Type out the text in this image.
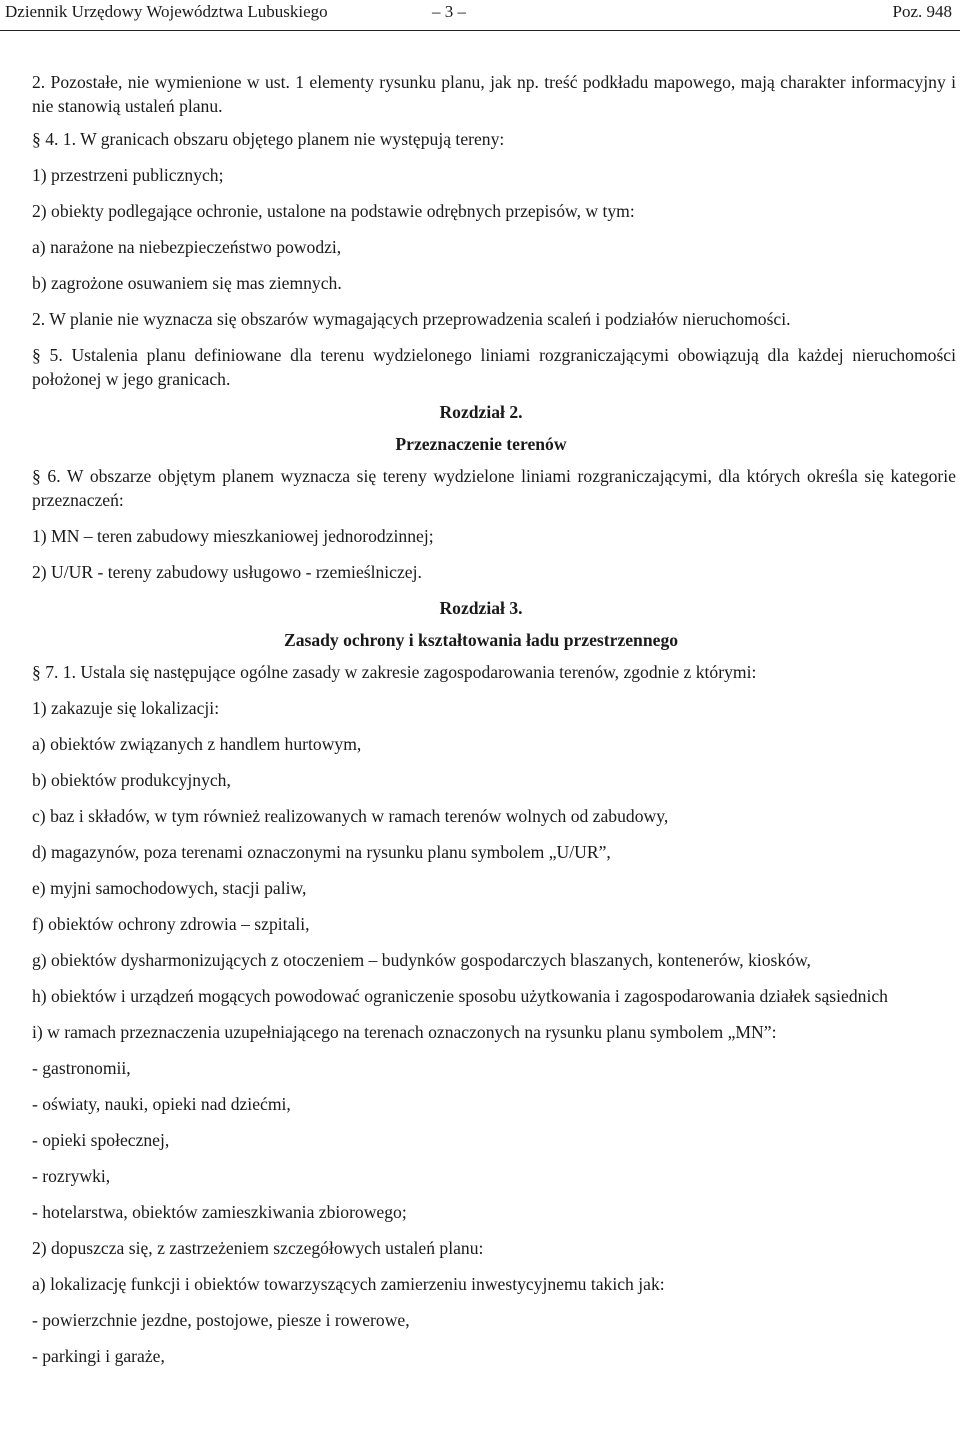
Dziennik Urzędowy Województwa Lubuskiego	– 3 –	Poz. 948

2. Pozostałe, nie wymienione w ust. 1 elementy rysunku planu, jak np. treść podkładu mapowego, mają charakter informacyjny i nie stanowią ustaleń planu.

§ 4. 1. W granicach obszaru objętego planem nie występują tereny:

1) przestrzeni publicznych;

2) obiekty podlegające ochronie, ustalone na podstawie odrębnych przepisów, w tym:

a) narażone na niebezpieczeństwo powodzi,

b) zagrożone osuwaniem się mas ziemnych.

2. W planie nie wyznacza się obszarów wymagających przeprowadzenia scaleń i podziałów nieruchomości.

§ 5. Ustalenia planu definiowane dla terenu wydzielonego liniami rozgraniczającymi obowiązują dla każdej nieruchomości położonej w jego granicach.

Rozdział 2.

Przeznaczenie terenów

§ 6. W obszarze objętym planem wyznacza się tereny wydzielone liniami rozgraniczającymi, dla których określa się kategorie przeznaczeń:

1) MN – teren zabudowy mieszkaniowej jednorodzinnej;

2) U/UR - tereny zabudowy usługowo - rzemieślniczej.

Rozdział 3.

Zasady ochrony i kształtowania ładu przestrzennego

§ 7. 1. Ustala się następujące ogólne zasady w zakresie zagospodarowania terenów, zgodnie z którymi:

1) zakazuje się lokalizacji:

a) obiektów związanych z handlem hurtowym,

b) obiektów produkcyjnych,

c) baz i składów, w tym również realizowanych w ramach terenów wolnych od zabudowy,

d) magazynów, poza terenami oznaczonymi na rysunku planu symbolem „U/UR”,

e) myjni samochodowych, stacji paliw,

f) obiektów ochrony zdrowia – szpitali,

g) obiektów dysharmonizujących z otoczeniem – budynków gospodarczych blaszanych, kontenerów, kiosków,

h) obiektów i urządzeń mogących powodować ograniczenie sposobu użytkowania i zagospodarowania działek sąsiednich

i) w ramach przeznaczenia uzupełniającego na terenach oznaczonych na rysunku planu symbolem „MN”:

- gastronomii,

- oświaty, nauki, opieki nad dziećmi,

- opieki społecznej,

- rozrywki,

- hotelarstwa, obiektów zamieszkiwania zbiorowego;

2) dopuszcza się, z zastrzeżeniem szczegółowych ustaleń planu:

a) lokalizację funkcji i obiektów towarzyszących zamierzeniu inwestycyjnemu takich jak:

- powierzchnie jezdne, postojowe, piesze i rowerowe,

- parkingi i garaże,
